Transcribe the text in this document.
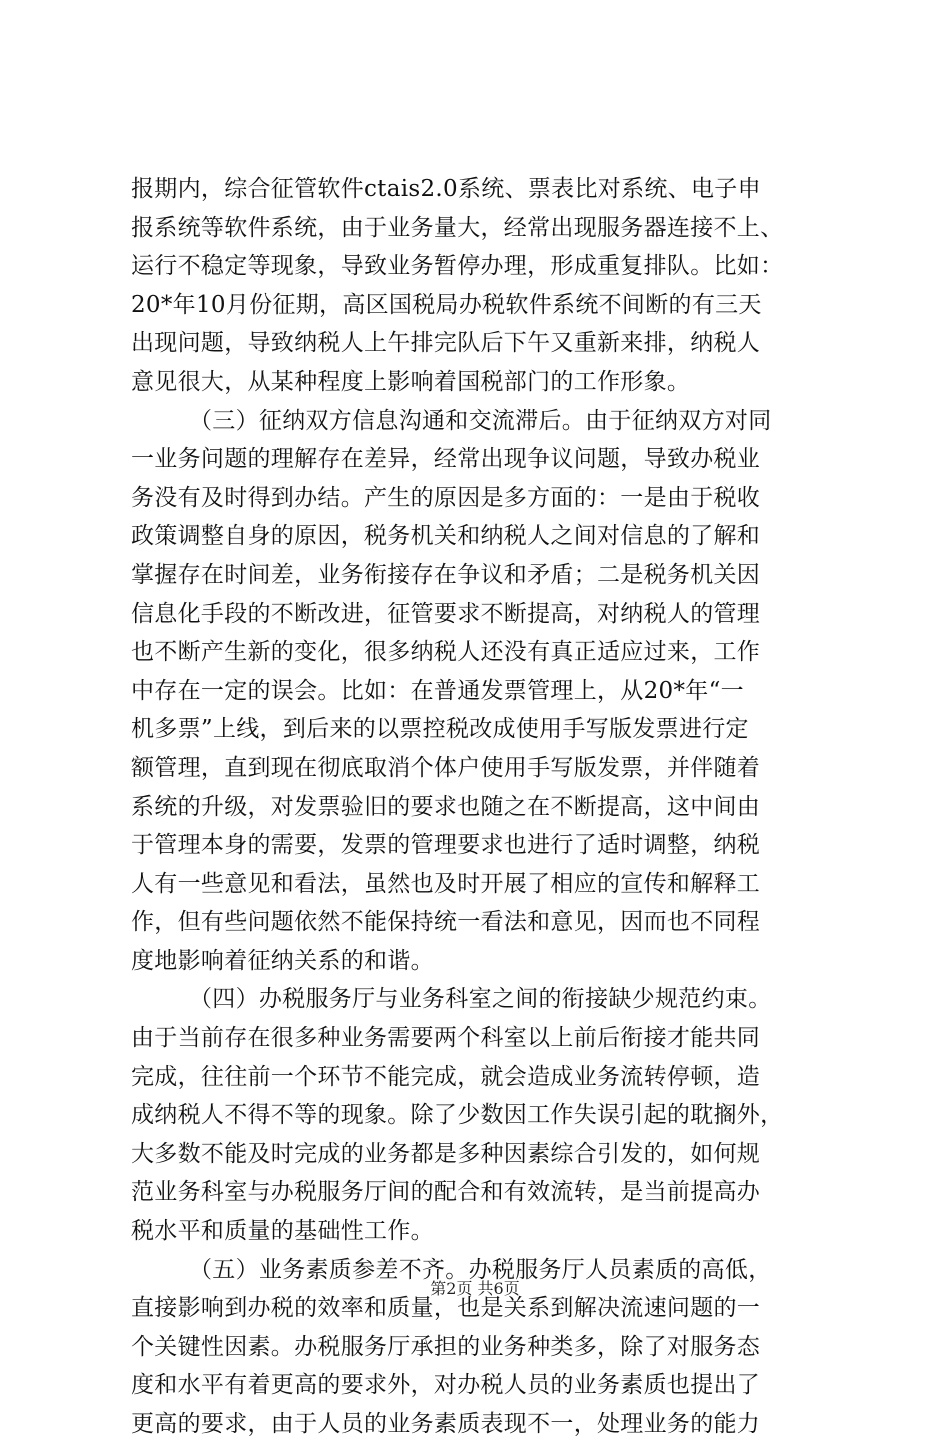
报期内，综合征管软件ctais2.0系统、票表比对系统、电子申
报系统等软件系统，由于业务量大，经常出现服务器连接不上、
运行不稳定等现象，导致业务暂停办理，形成重复排队。比如：
20*年10月份征期，高区国税局办税软件系统不间断的有三天
出现问题，导致纳税人上午排完队后下午又重新来排，纳税人
意见很大，从某种程度上影响着国税部门的工作形象。
（三）征纳双方信息沟通和交流滞后。由于征纳双方对同
一业务问题的理解存在差异，经常出现争议问题，导致办税业
务没有及时得到办结。产生的原因是多方面的：一是由于税收
政策调整自身的原因，税务机关和纳税人之间对信息的了解和
掌握存在时间差，业务衔接存在争议和矛盾；二是税务机关因
信息化手段的不断改进，征管要求不断提高，对纳税人的管理
也不断产生新的变化，很多纳税人还没有真正适应过来，工作
中存在一定的误会。比如：在普通发票管理上，从20*年“一
机多票”上线，到后来的以票控税改成使用手写版发票进行定
额管理，直到现在彻底取消个体户使用手写版发票，并伴随着
系统的升级，对发票验旧的要求也随之在不断提高，这中间由
于管理本身的需要，发票的管理要求也进行了适时调整，纳税
人有一些意见和看法，虽然也及时开展了相应的宣传和解释工
作，但有些问题依然不能保持统一看法和意见，因而也不同程
度地影响着征纳关系的和谐。
（四）办税服务厅与业务科室之间的衔接缺少规范约束。
由于当前存在很多种业务需要两个科室以上前后衔接才能共同
完成，往往前一个环节不能完成，就会造成业务流转停顿，造
成纳税人不得不等的现象。除了少数因工作失误引起的耽搁外，
大多数不能及时完成的业务都是多种因素综合引发的，如何规
范业务科室与办税服务厅间的配合和有效流转，是当前提高办
税水平和质量的基础性工作。
（五）业务素质参差不齐。办税服务厅人员素质的高低，
直接影响到办税的效率和质量，也是关系到解决流速问题的一
个关键性因素。办税服务厅承担的业务种类多，除了对服务态
度和水平有着更高的要求外，对办税人员的业务素质也提出了
更高的要求，由于人员的业务素质表现不一，处理业务的能力
第2页 共6页
